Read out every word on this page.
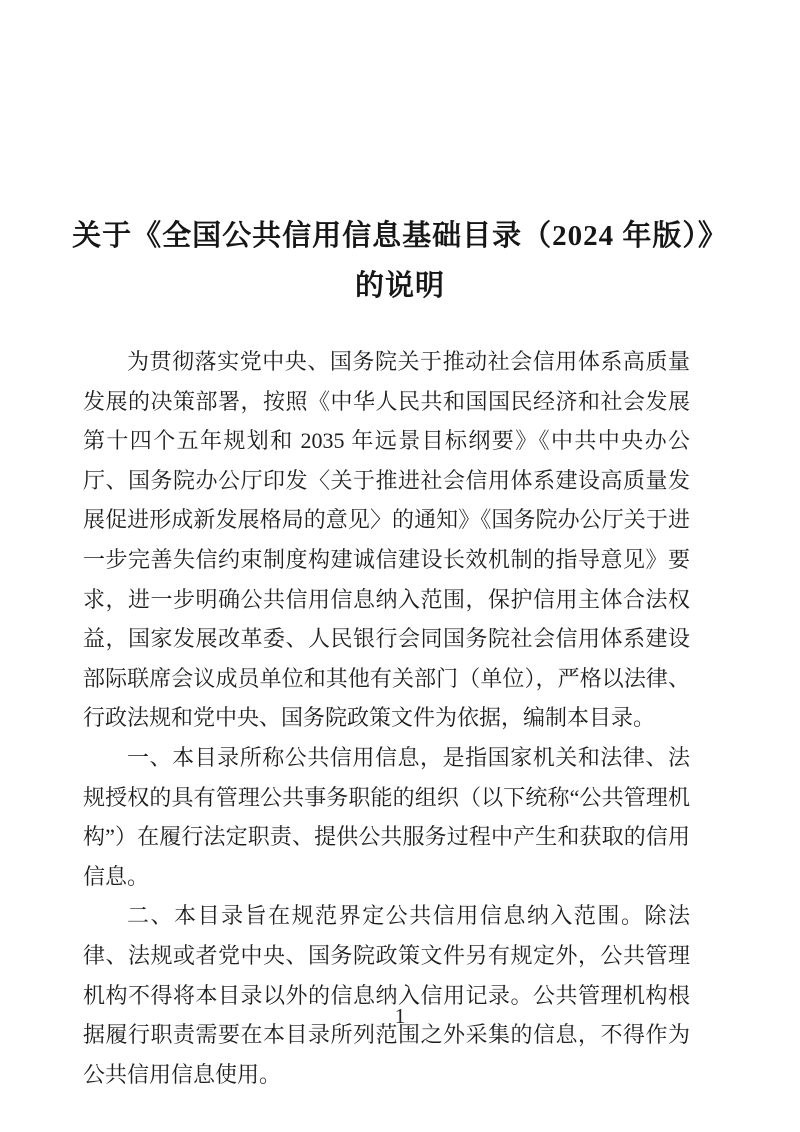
关于《全国公共信用信息基础目录（2024 年版）》
的说明

为贯彻落实党中央、国务院关于推动社会信用体系高质量发展的决策部署，按照《中华人民共和国国民经济和社会发展第十四个五年规划和 2035 年远景目标纲要》《中共中央办公厅、国务院办公厅印发〈关于推进社会信用体系建设高质量发展促进形成新发展格局的意见〉的通知》《国务院办公厅关于进一步完善失信约束制度构建诚信建设长效机制的指导意见》要求，进一步明确公共信用信息纳入范围，保护信用主体合法权益，国家发展改革委、人民银行会同国务院社会信用体系建设部际联席会议成员单位和其他有关部门（单位），严格以法律、行政法规和党中央、国务院政策文件为依据，编制本目录。

一、本目录所称公共信用信息，是指国家机关和法律、法规授权的具有管理公共事务职能的组织（以下统称“公共管理机构”）在履行法定职责、提供公共服务过程中产生和获取的信用信息。

二、本目录旨在规范界定公共信用信息纳入范围。除法律、法规或者党中央、国务院政策文件另有规定外，公共管理机构不得将本目录以外的信息纳入信用记录。公共管理机构根据履行职责需要在本目录所列范围之外采集的信息，不得作为公共信用信息使用。

1
